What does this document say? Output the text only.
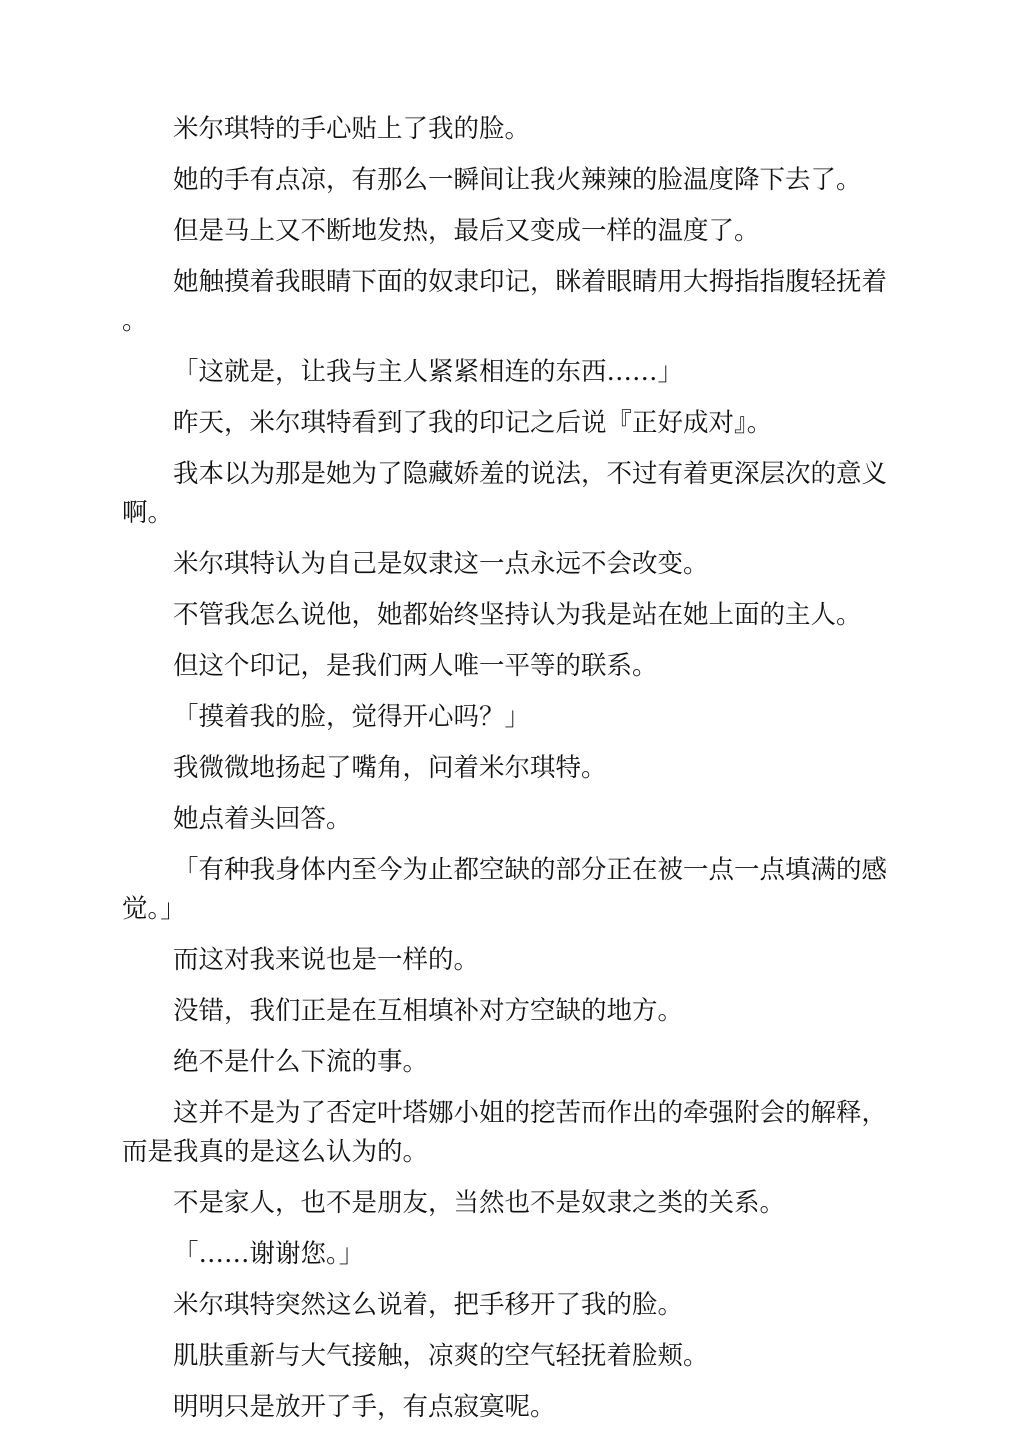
米尔琪特的手心贴上了我的脸。

她的手有点凉，有那么一瞬间让我火辣辣的脸温度降下去了。

但是马上又不断地发热，最后又变成一样的温度了。

她触摸着我眼睛下面的奴隶印记，眯着眼睛用大拇指指腹轻抚着。

「这就是，让我与主人紧紧相连的东西……」

昨天，米尔琪特看到了我的印记之后说『正好成对』。

我本以为那是她为了隐藏娇羞的说法，不过有着更深层次的意义啊。

米尔琪特认为自己是奴隶这一点永远不会改变。

不管我怎么说他，她都始终坚持认为我是站在她上面的主人。

但这个印记，是我们两人唯一平等的联系。

「摸着我的脸，觉得开心吗？」

我微微地扬起了嘴角，问着米尔琪特。

她点着头回答。

「有种我身体内至今为止都空缺的部分正在被一点一点填满的感觉。」

而这对我来说也是一样的。

没错，我们正是在互相填补对方空缺的地方。

绝不是什么下流的事。

这并不是为了否定叶塔娜小姐的挖苦而作出的牵强附会的解释，而是我真的是这么认为的。

不是家人，也不是朋友，当然也不是奴隶之类的关系。

「……谢谢您。」

米尔琪特突然这么说着，把手移开了我的脸。

肌肤重新与大气接触，凉爽的空气轻抚着脸颊。

明明只是放开了手，有点寂寞呢。
